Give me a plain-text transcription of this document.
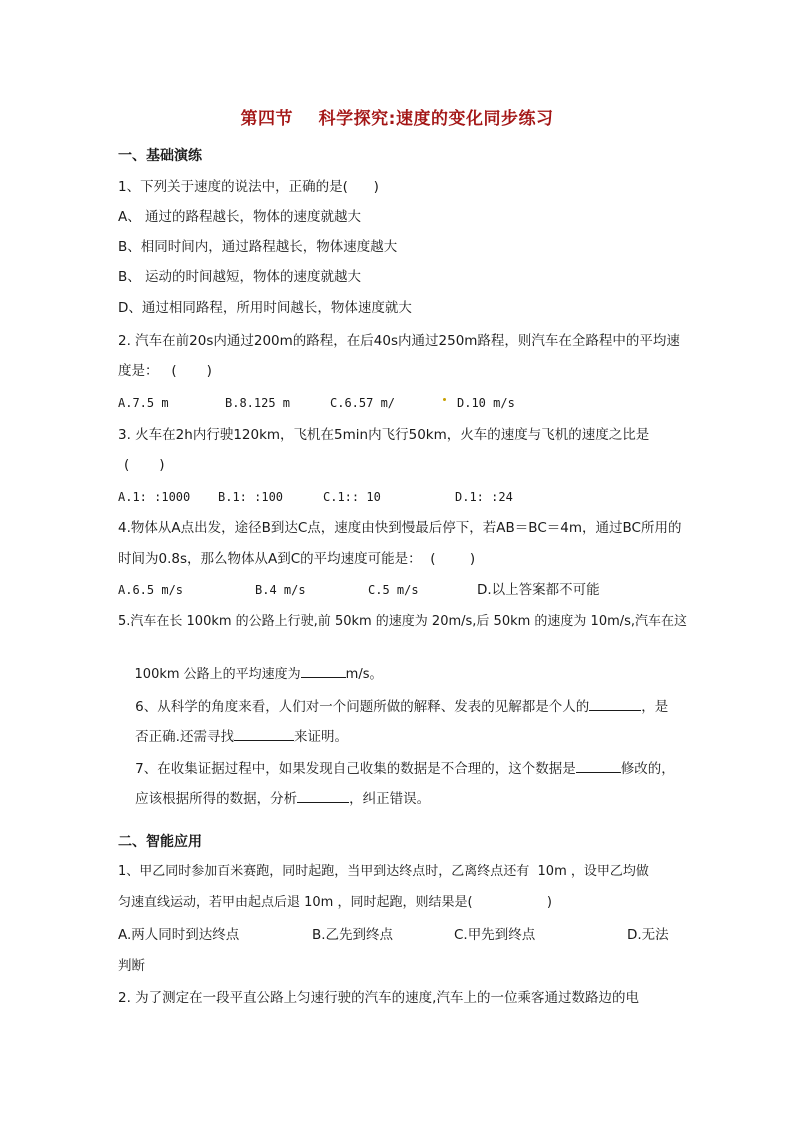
第四节    科学探究:速度的变化同步练习
一、基础演练
1、下列关于速度的说法中，正确的是(      )
A、 通过的路程越长，物体的速度就越大
B、相同时间内，通过路程越长，物体速度越大
B、 运动的时间越短，物体的速度就越大
D、通过相同路程，所用时间越长，物体速度就大
2. 汽车在前20s内通过200m的路程，在后40s内通过250m路程，则汽车在全路程中的平均速
度是：   (       )
A.7.5 m	B.8.125 m	C.6.57 m/	D.10 m/s
3. 火车在2h内行驶120km，飞机在5min内飞行50km，火车的速度与飞机的速度之比是
(       )
A.1: :1000 B.1: :100	C.1:: 10	D.1: :24
4.物体从A点出发，途径B到达C点，速度由快到慢最后停下，若AB＝BC＝4m，通过BC所用的
时间为0.8s，那么物体从A到C的平均速度可能是：  (        )
A.6.5 m/s	B.4 m/s	C.5 m/s	D.以上答案都不可能
5.汽车在长 100km 的公路上行驶,前 50km 的速度为 20m/s,后 50km 的速度为 10m/s,汽车在这

100km 公路上的平均速度为	m/s。

6、从科学的角度来看，人们对一个问题所做的解释、发表的见解都是个人的	，是

否正确.还需寻找	来证明。

7、在收集证据过程中，如果发现自己收集的数据是不合理的，这个数据是	修改的，

应该根据所得的数据，分析	，纠正错误。

二、智能应用
1、甲乙同时参加百米赛跑，同时起跑，当甲到达终点时，乙离终点还有  10m ，设甲乙均做
匀速直线运动，若甲由起点后退 10m ，同时起跑，则结果是(                  )
A.两人同时到达终点	B.乙先到终点	C.甲先到终点	D.无法
判断
2. 为了测定在一段平直公路上匀速行驶的汽车的速度,汽车上的一位乘客通过数路边的电
